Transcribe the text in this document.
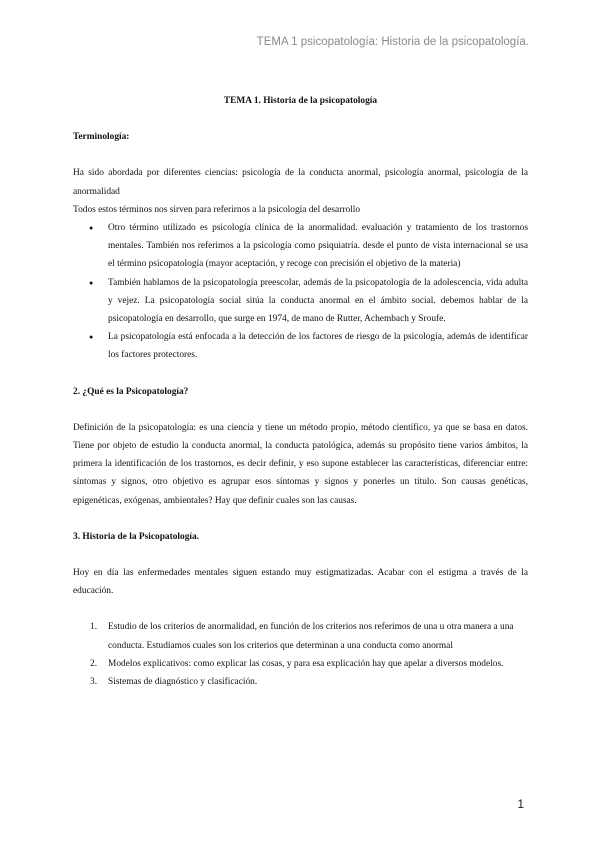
TEMA 1 psicopatología: Historia de la psicopatología.
TEMA 1. Historia de la psicopatología
Terminología:
Ha sido abordada por diferentes ciencias: psicología de la conducta anormal, psicología anormal, psicología de la anormalidad
Todos estos términos nos sirven para referirnos a la psicología del desarrollo
● Otro término utilizado es psicología clínica de la anormalidad. evaluación y tratamiento de los trastornos mentales. También nos referimos a la psicología como psiquiatría. desde el punto de vista internacional se usa el término psicopatología (mayor aceptación, y recoge con precisión el objetivo de la materia)
● También hablamos de la psicopatología preescolar, además de la psicopatología de la adolescencia, vida adulta y vejez. La psicopatología social sitúa la conducta anormal en el ámbito social. debemos hablar de la psicopatología en desarrollo, que surge en 1974, de mano de Rutter, Achembach y Sroufe.
● La psicopatología está enfocada a la detección de los factores de riesgo de la psicología, además de identificar los factores protectores.
2. ¿Qué es la Psicopatología?
Definición de la psicopatología: es una ciencia y tiene un método propio, método científico, ya que se basa en datos. Tiene por objeto de estudio la conducta anormal, la conducta patológica, además su propósito tiene varios ámbitos, la primera la identificación de los trastornos, es decir definir, y eso supone establecer las características, diferenciar entre: síntomas y signos, otro objetivo es agrupar esos síntomas y signos y ponerles un título. Son causas genéticas, epigenéticas, exógenas, ambientales? Hay que definir cuales son las causas.
3. Historia de la Psicopatología.
Hoy en día las enfermedades mentales siguen estando muy estigmatizadas. Acabar con el estigma a través de la educación.
1. Estudio de los criterios de anormalidad, en función de los criterios nos referimos de una u otra manera a una conducta. Estudiamos cuales son los criterios que determinan a una conducta como anormal
2. Modelos explicativos: como explicar las cosas, y para esa explicación hay que apelar a diversos modelos.
3. Sistemas de diagnóstico y clasificación.
1
